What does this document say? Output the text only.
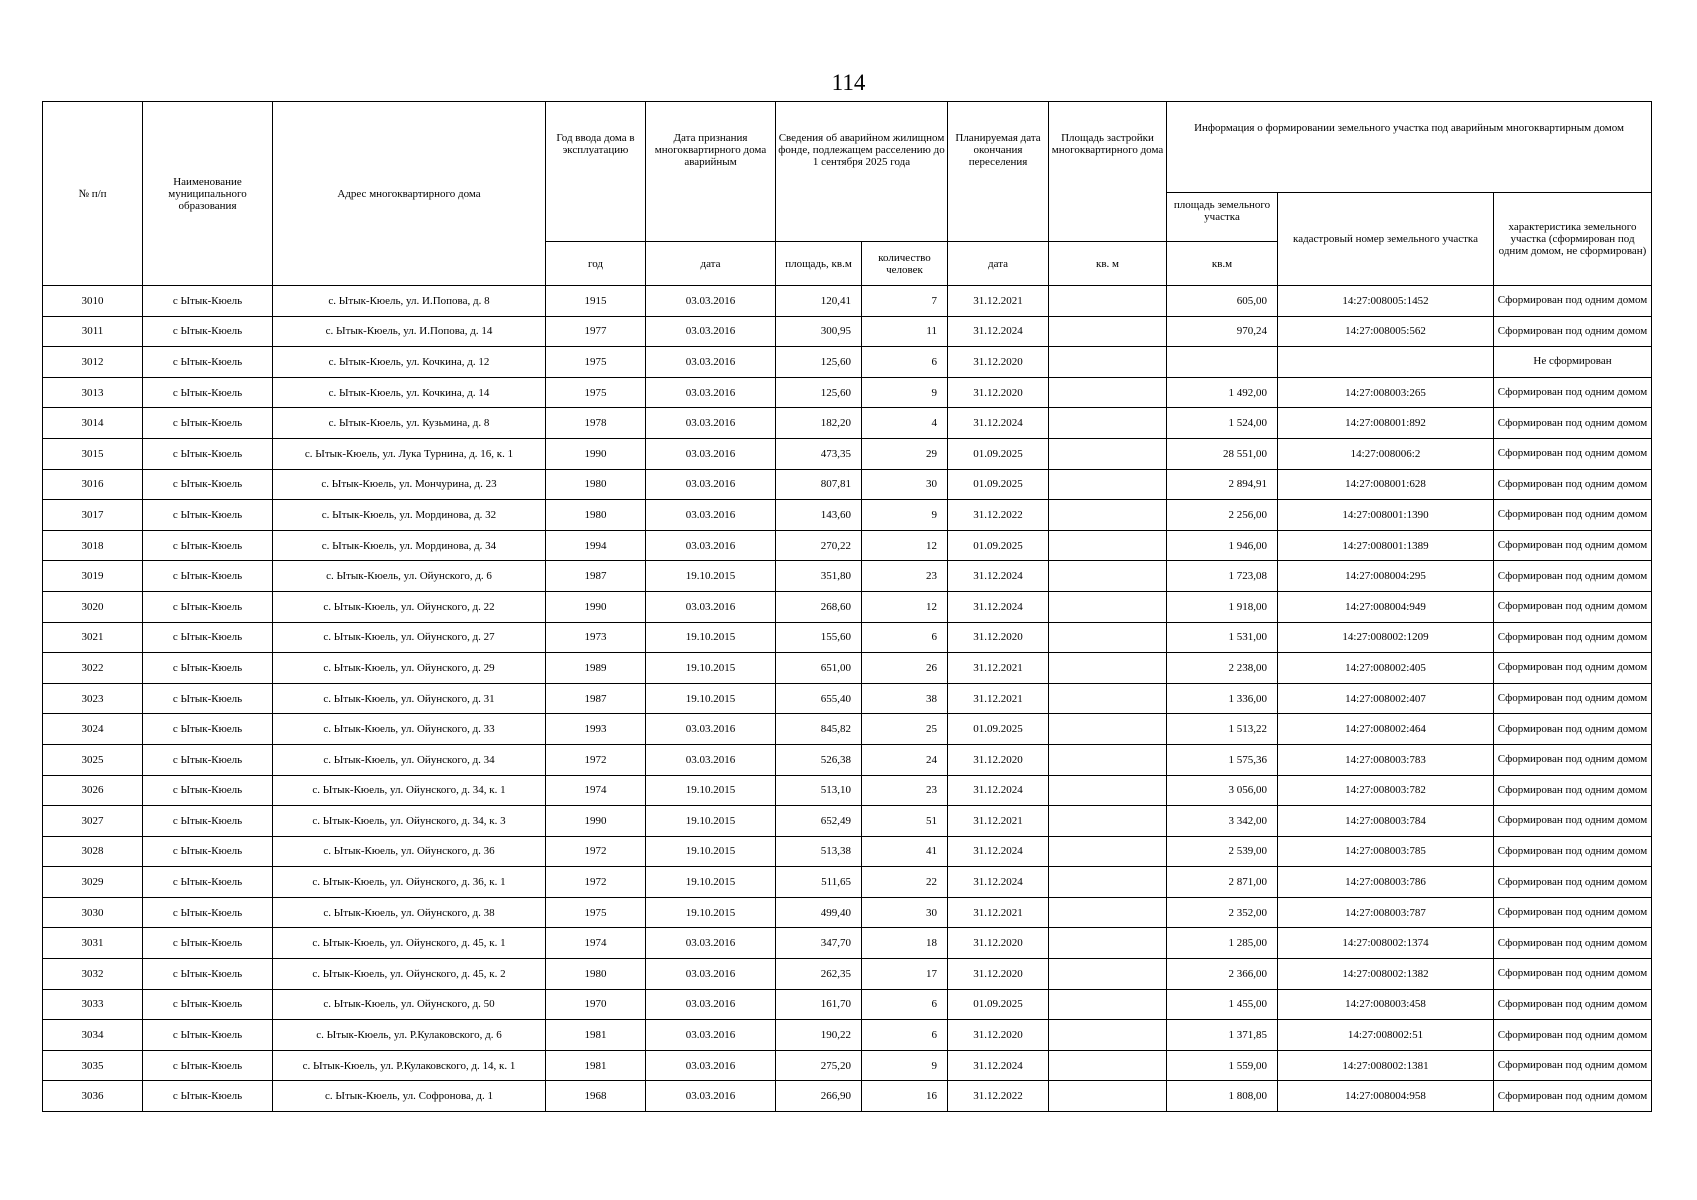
114
№ п/п	Наименование муниципального образования	Адрес многоквартирного дома	Год ввода дома в эксплуатацию	Дата признания многоквартирного дома аварийным	Сведения об аварийном жилищном фонде, подлежащем расселению до 1 сентября 2025 года		Планируемая дата окончания переселения	Площадь застройки многоквартирного дома	Информация о формировании земельного участка под аварийным многоквартирным домом		
									площадь земельного участка	кадастровый номер земельного участка	характеристика земельного участка (сформирован под одним домом, не сформирован)
			год	дата	площадь, кв.м	количество человек	дата	кв. м	кв.м		
3010	с Ытык-Кюель	с. Ытык-Кюель, ул. И.Попова, д. 8	1915	03.03.2016	120,41	7	31.12.2021		605,00	14:27:008005:1452	Сформирован под одним домом
3011	с Ытык-Кюель	с. Ытык-Кюель, ул. И.Попова, д. 14	1977	03.03.2016	300,95	11	31.12.2024		970,24	14:27:008005:562	Сформирован под одним домом
3012	с Ытык-Кюель	с. Ытык-Кюель, ул. Кочкина, д. 12	1975	03.03.2016	125,60	6	31.12.2020				Не сформирован
3013	с Ытык-Кюель	с. Ытык-Кюель, ул. Кочкина, д. 14	1975	03.03.2016	125,60	9	31.12.2020		1 492,00	14:27:008003:265	Сформирован под одним домом
3014	с Ытык-Кюель	с. Ытык-Кюель, ул. Кузьмина, д. 8	1978	03.03.2016	182,20	4	31.12.2024		1 524,00	14:27:008001:892	Сформирован под одним домом
3015	с Ытык-Кюель	с. Ытык-Кюель, ул. Лука Турнина, д. 16, к. 1	1990	03.03.2016	473,35	29	01.09.2025		28 551,00	14:27:008006:2	Сформирован под одним домом
3016	с Ытык-Кюель	с. Ытык-Кюель, ул. Мончурина, д. 23	1980	03.03.2016	807,81	30	01.09.2025		2 894,91	14:27:008001:628	Сформирован под одним домом
3017	с Ытык-Кюель	с. Ытык-Кюель, ул. Мординова, д. 32	1980	03.03.2016	143,60	9	31.12.2022		2 256,00	14:27:008001:1390	Сформирован под одним домом
3018	с Ытык-Кюель	с. Ытык-Кюель, ул. Мординова, д. 34	1994	03.03.2016	270,22	12	01.09.2025		1 946,00	14:27:008001:1389	Сформирован под одним домом
3019	с Ытык-Кюель	с. Ытык-Кюель, ул. Ойунского, д. 6	1987	19.10.2015	351,80	23	31.12.2024		1 723,08	14:27:008004:295	Сформирован под одним домом
3020	с Ытык-Кюель	с. Ытык-Кюель, ул. Ойунского, д. 22	1990	03.03.2016	268,60	12	31.12.2024		1 918,00	14:27:008004:949	Сформирован под одним домом
3021	с Ытык-Кюель	с. Ытык-Кюель, ул. Ойунского, д. 27	1973	19.10.2015	155,60	6	31.12.2020		1 531,00	14:27:008002:1209	Сформирован под одним домом
3022	с Ытык-Кюель	с. Ытык-Кюель, ул. Ойунского, д. 29	1989	19.10.2015	651,00	26	31.12.2021		2 238,00	14:27:008002:405	Сформирован под одним домом
3023	с Ытык-Кюель	с. Ытык-Кюель, ул. Ойунского, д. 31	1987	19.10.2015	655,40	38	31.12.2021		1 336,00	14:27:008002:407	Сформирован под одним домом
3024	с Ытык-Кюель	с. Ытык-Кюель, ул. Ойунского, д. 33	1993	03.03.2016	845,82	25	01.09.2025		1 513,22	14:27:008002:464	Сформирован под одним домом
3025	с Ытык-Кюель	с. Ытык-Кюель, ул. Ойунского, д. 34	1972	03.03.2016	526,38	24	31.12.2020		1 575,36	14:27:008003:783	Сформирован под одним домом
3026	с Ытык-Кюель	с. Ытык-Кюель, ул. Ойунского, д. 34, к. 1	1974	19.10.2015	513,10	23	31.12.2024		3 056,00	14:27:008003:782	Сформирован под одним домом
3027	с Ытык-Кюель	с. Ытык-Кюель, ул. Ойунского, д. 34, к. 3	1990	19.10.2015	652,49	51	31.12.2021		3 342,00	14:27:008003:784	Сформирован под одним домом
3028	с Ытык-Кюель	с. Ытык-Кюель, ул. Ойунского, д. 36	1972	19.10.2015	513,38	41	31.12.2024		2 539,00	14:27:008003:785	Сформирован под одним домом
3029	с Ытык-Кюель	с. Ытык-Кюель, ул. Ойунского, д. 36, к. 1	1972	19.10.2015	511,65	22	31.12.2024		2 871,00	14:27:008003:786	Сформирован под одним домом
3030	с Ытык-Кюель	с. Ытык-Кюель, ул. Ойунского, д. 38	1975	19.10.2015	499,40	30	31.12.2021		2 352,00	14:27:008003:787	Сформирован под одним домом
3031	с Ытык-Кюель	с. Ытык-Кюель, ул. Ойунского, д. 45, к. 1	1974	03.03.2016	347,70	18	31.12.2020		1 285,00	14:27:008002:1374	Сформирован под одним домом
3032	с Ытык-Кюель	с. Ытык-Кюель, ул. Ойунского, д. 45, к. 2	1980	03.03.2016	262,35	17	31.12.2020		2 366,00	14:27:008002:1382	Сформирован под одним домом
3033	с Ытык-Кюель	с. Ытык-Кюель, ул. Ойунского, д. 50	1970	03.03.2016	161,70	6	01.09.2025		1 455,00	14:27:008003:458	Сформирован под одним домом
3034	с Ытык-Кюель	с. Ытык-Кюель, ул. Р.Кулаковского, д. 6	1981	03.03.2016	190,22	6	31.12.2020		1 371,85	14:27:008002:51	Сформирован под одним домом
3035	с Ытык-Кюель	с. Ытык-Кюель, ул. Р.Кулаковского, д. 14, к. 1	1981	03.03.2016	275,20	9	31.12.2024		1 559,00	14:27:008002:1381	Сформирован под одним домом
3036	с Ытык-Кюель	с. Ытык-Кюель, ул. Софронова, д. 1	1968	03.03.2016	266,90	16	31.12.2022		1 808,00	14:27:008004:958	Сформирован под одним домом
